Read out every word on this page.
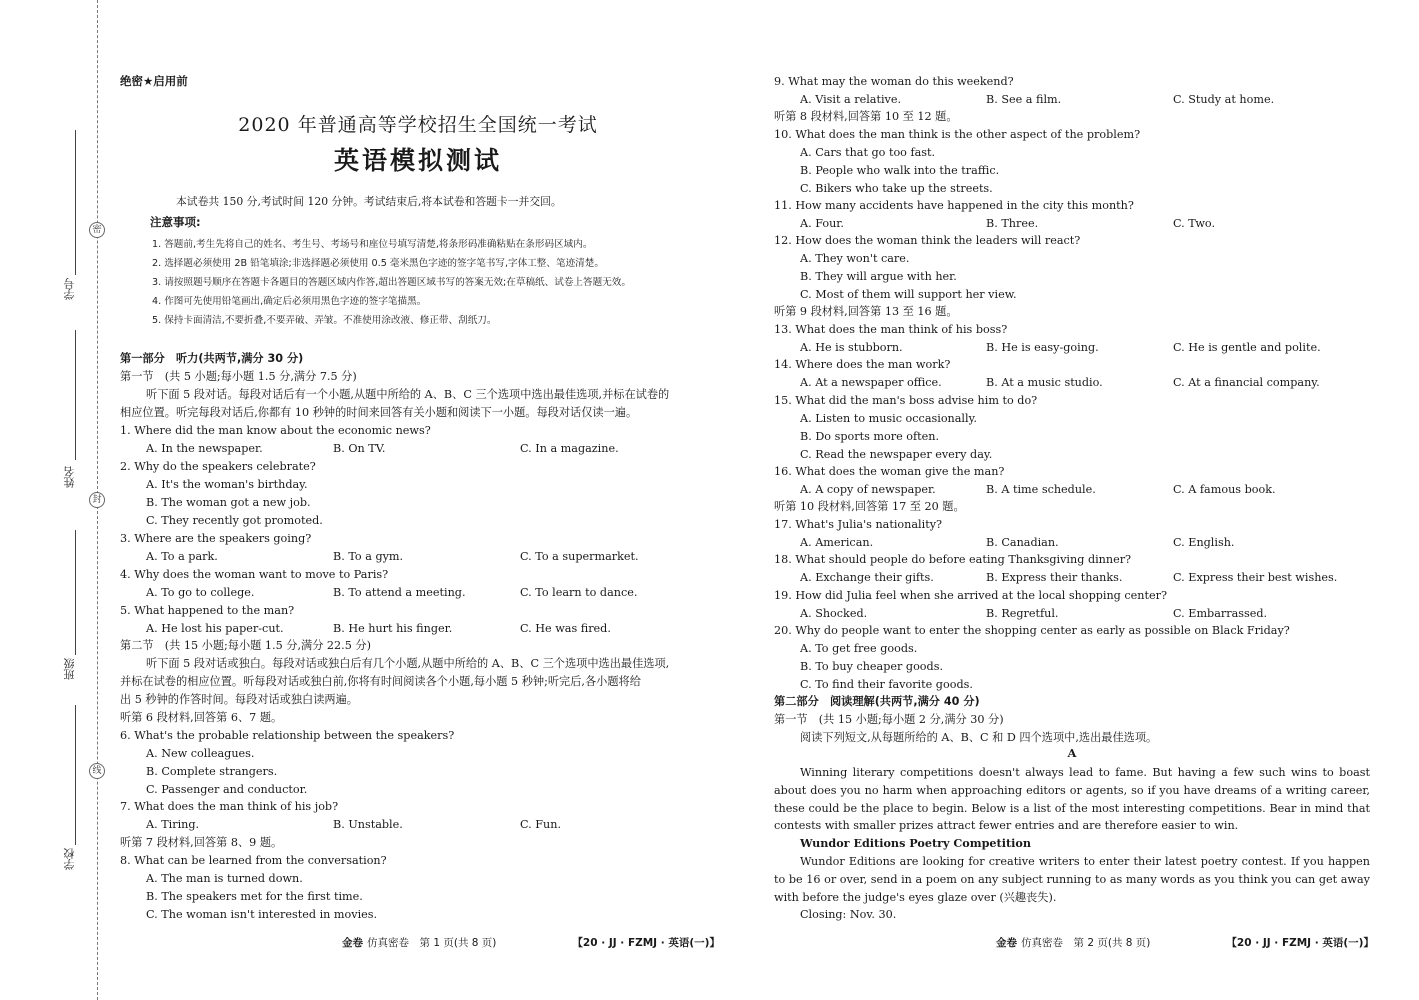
密
封
线
学号
姓名
班级
学校
绝密★启用前
2020 年普通高等学校招生全国统一考试
英语模拟测试
本试卷共 150 分,考试时间 120 分钟。考试结束后,将本试卷和答题卡一并交回。
注意事项:
1. 答题前,考生先将自己的姓名、考生号、考场号和座位号填写清楚,将条形码准确粘贴在条形码区域内。
2. 选择题必须使用 2B 铅笔填涂;非选择题必须使用 0.5 毫米黑色字迹的签字笔书写,字体工整、笔迹清楚。
3. 请按照题号顺序在答题卡各题目的答题区域内作答,超出答题区域书写的答案无效;在草稿纸、试卷上答题无效。
4. 作图可先使用铅笔画出,确定后必须用黑色字迹的签字笔描黑。
5. 保持卡面清洁,不要折叠,不要弄破、弄皱。不准使用涂改液、修正带、刮纸刀。
第一部分　听力(共两节,满分 30 分)
第一节　(共 5 小题;每小题 1.5 分,满分 7.5 分)
听下面 5 段对话。每段对话后有一个小题,从题中所给的 A、B、C 三个选项中选出最佳选项,并标在试卷的
相应位置。听完每段对话后,你都有 10 秒钟的时间来回答有关小题和阅读下一小题。每段对话仅读一遍。
1. Where did the man know about the economic news?
A. In the newspaper.	B. On TV.	C. In a magazine.
2. Why do the speakers celebrate?
A. It's the woman's birthday.
B. The woman got a new job.
C. They recently got promoted.
3. Where are the speakers going?
A. To a park.	B. To a gym.	C. To a supermarket.
4. Why does the woman want to move to Paris?
A. To go to college.	B. To attend a meeting.	C. To learn to dance.
5. What happened to the man?
A. He lost his paper-cut.	B. He hurt his finger.	C. He was fired.
第二节　(共 15 小题;每小题 1.5 分,满分 22.5 分)
听下面 5 段对话或独白。每段对话或独白后有几个小题,从题中所给的 A、B、C 三个选项中选出最佳选项,
并标在试卷的相应位置。听每段对话或独白前,你将有时间阅读各个小题,每小题 5 秒钟;听完后,各小题将给
出 5 秒钟的作答时间。每段对话或独白读两遍。
听第 6 段材料,回答第 6、7 题。
6. What's the probable relationship between the speakers?
A. New colleagues.
B. Complete strangers.
C. Passenger and conductor.
7. What does the man think of his job?
A. Tiring.	B. Unstable.	C. Fun.
听第 7 段材料,回答第 8、9 题。
8. What can be learned from the conversation?
A. The man is turned down.
B. The speakers met for the first time.
C. The woman isn't interested in movies.
金卷 仿真密卷　第 1 页(共 8 页)	【20 · JJ · FZMJ · 英语(一)】
9. What may the woman do this weekend?
A. Visit a relative.	B. See a film.	C. Study at home.
听第 8 段材料,回答第 10 至 12 题。
10. What does the man think is the other aspect of the problem?
A. Cars that go too fast.
B. People who walk into the traffic.
C. Bikers who take up the streets.
11. How many accidents have happened in the city this month?
A. Four.	B. Three.	C. Two.
12. How does the woman think the leaders will react?
A. They won't care.
B. They will argue with her.
C. Most of them will support her view.
听第 9 段材料,回答第 13 至 16 题。
13. What does the man think of his boss?
A. He is stubborn.	B. He is easy-going.	C. He is gentle and polite.
14. Where does the man work?
A. At a newspaper office.	B. At a music studio.	C. At a financial company.
15. What did the man's boss advise him to do?
A. Listen to music occasionally.
B. Do sports more often.
C. Read the newspaper every day.
16. What does the woman give the man?
A. A copy of newspaper.	B. A time schedule.	C. A famous book.
听第 10 段材料,回答第 17 至 20 题。
17. What's Julia's nationality?
A. American.	B. Canadian.	C. English.
18. What should people do before eating Thanksgiving dinner?
A. Exchange their gifts.	B. Express their thanks.	C. Express their best wishes.
19. How did Julia feel when she arrived at the local shopping center?
A. Shocked.	B. Regretful.	C. Embarrassed.
20. Why do people want to enter the shopping center as early as possible on Black Friday?
A. To get free goods.
B. To buy cheaper goods.
C. To find their favorite goods.
第二部分　阅读理解(共两节,满分 40 分)
第一节　(共 15 小题;每小题 2 分,满分 30 分)
阅读下列短文,从每题所给的 A、B、C 和 D 四个选项中,选出最佳选项。
A
Winning literary competitions doesn't always lead to fame. But having a few such wins to boast about does you no harm when approaching editors or agents, so if you have dreams of a writing career, these could be the place to begin. Below is a list of the most interesting competitions. Bear in mind that contests with smaller prizes attract fewer entries and are therefore easier to win.
Wundor Editions Poetry Competition
Wundor Editions are looking for creative writers to enter their latest poetry contest. If you happen to be 16 or over, send in a poem on any subject running to as many words as you think you can get away with before the judge's eyes glaze over (兴趣丧失).
Closing: Nov. 30.
金卷 仿真密卷　第 2 页(共 8 页)	【20 · JJ · FZMJ · 英语(一)】
